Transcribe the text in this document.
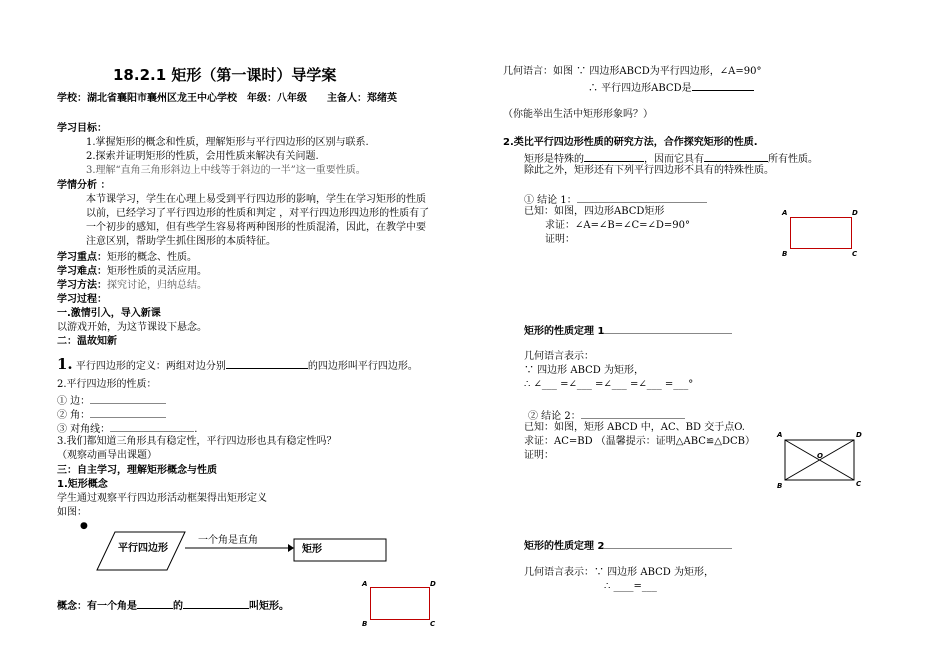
18.2.1 矩形（第一课时）导学案
学校：湖北省襄阳市襄州区龙王中心学校　年级：八年级　　主备人：郑绪英
学习目标：
1.掌握矩形的概念和性质，理解矩形与平行四边形的区别与联系.
2.探索并证明矩形的性质，会用性质来解决有关问题.
3.理解“直角三角形斜边上中线等于斜边的一半”这一重要性质。
学情分析 ：
本节课学习，学生在心理上易受到平行四边形的影响，学生在学习矩形的性质
以前，已经学习了平行四边形的性质和判定 ，对平行四边形四边形的性质有了
一个初步的感知，但有些学生容易将两种图形的性质混淆，因此，在教学中要
注意区别，帮助学生抓住图形的本质特征。
学习重点：矩形的概念、性质。
学习难点：矩形性质的灵活应用。
学习方法：探究讨论，归纳总结。
学习过程：
一.激情引入，导入新课
以游戏开始，为这节课设下悬念。
二：温故知新
1. 平行四边形的定义：两组对边分别	的四边形叫平行四边形。
2.平行四边形的性质：
① 边：
② 角：
③ 对角线：	.
3.我们都知道三角形具有稳定性，平行四边形也具有稳定性吗？
（观察动画导出课题）
三：自主学习，理解矩形概念与性质
1.矩形概念
学生通过观察平行四边形活动框架得出矩形定义
如图：
●
平行四边形
一个角是直角
矩形
概念：有一个角是	的	叫矩形。
A	D
B	C
几何语言：如图 ∵ 四边形ABCD为平行四边形，∠A=90°
∴ 平行四边形ABCD是
（你能举出生活中矩形形象吗？）
2.类比平行四边形性质的研究方法，合作探究矩形的性质.
矩形是特殊的	，因而它具有	所有性质。
除此之外，矩形还有下列平行四边形不具有的特殊性质。
① 结论 1：
已知：如图，四边形ABCD矩形
求证：∠A=∠B=∠C=∠D=90°
证明：
A	D
B	C
矩形的性质定理 1
几何语言表示：
∵ 四边形 ABCD 为矩形，
∴ ∠___ =∠___ =∠___ =∠___ =___°
② 结论 2：
已知：如图，矩形 ABCD 中，AC、BD 交于点O.
求证：AC=BD （温馨提示：证明△ABC≌△DCB）
证明：
A	D
B	C
O
矩形的性质定理 2
几何语言表示：∵ 四边形 ABCD 为矩形，
∴ ____=___
